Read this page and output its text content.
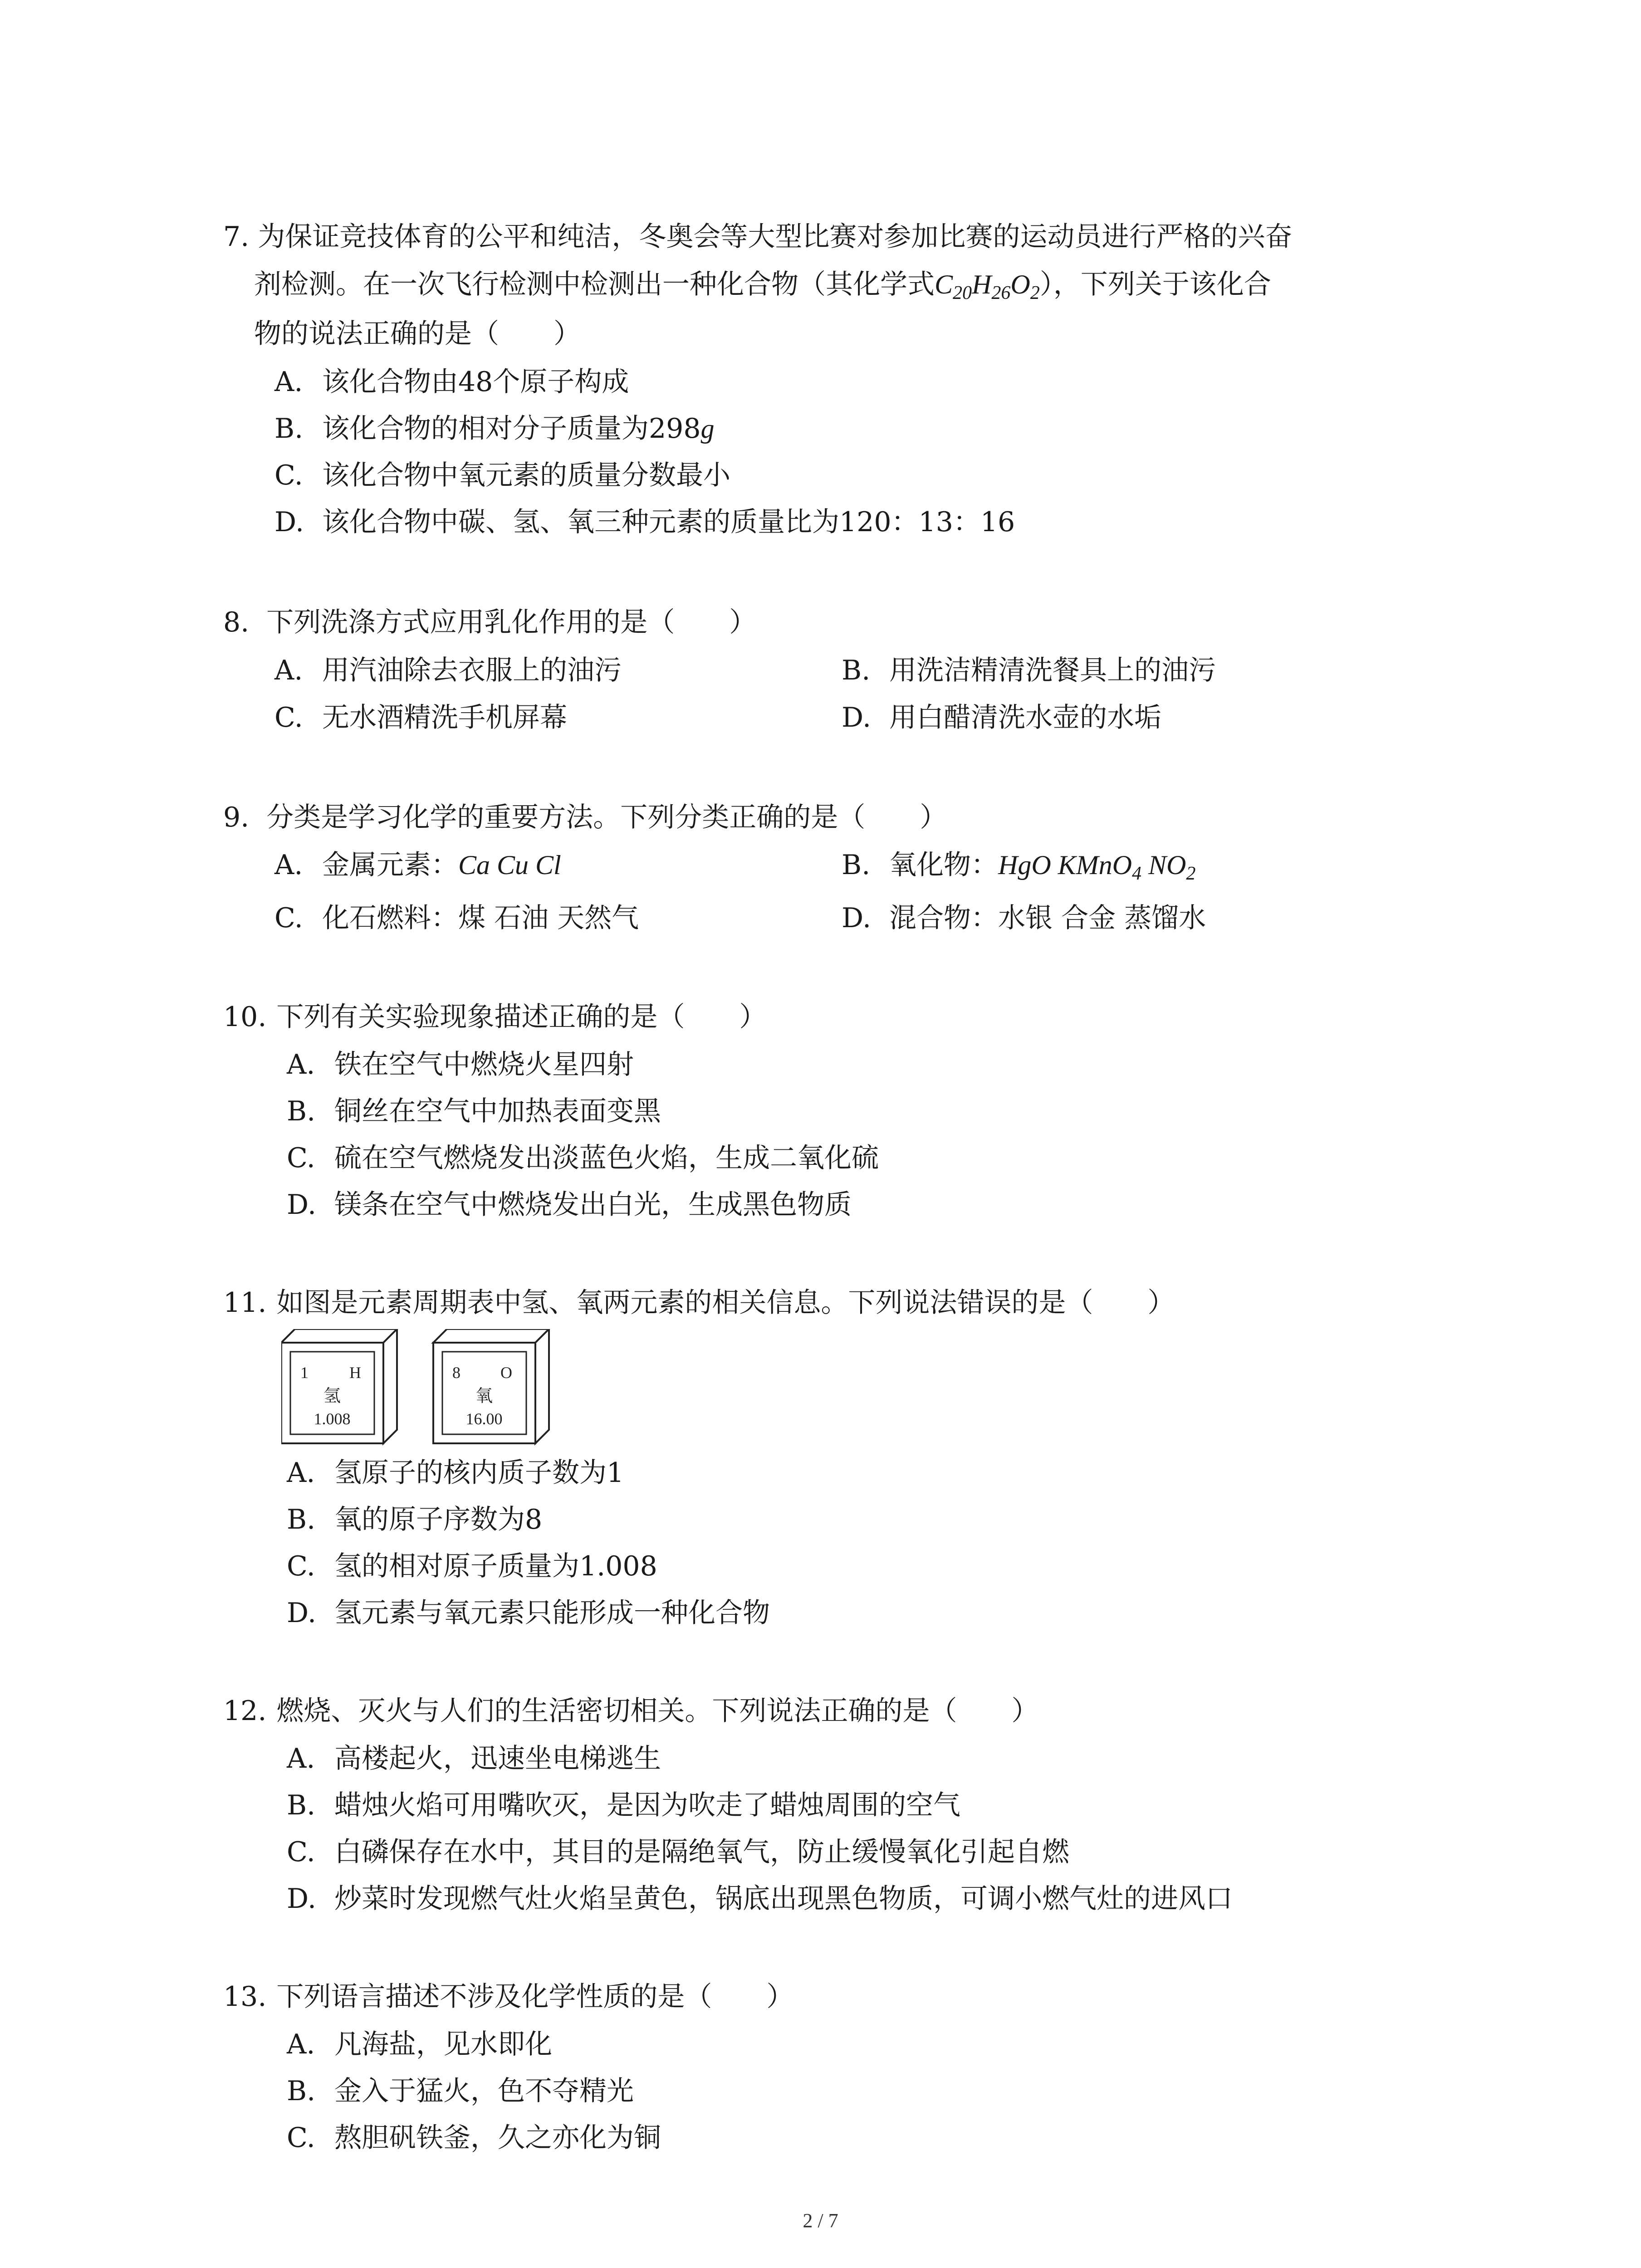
7. 为保证竞技体育的公平和纯洁，冬奥会等大型比赛对参加比赛的运动员进行严格的兴奋
剂检测。在一次飞行检测中检测出一种化合物（其化学式$C_{20}H_{26}O_2$），下列关于该化合
物的说法正确的是（　　）
A. 该化合物由48个原子构成
B. 该化合物的相对分子质量为298g
C. 该化合物中氧元素的质量分数最小
D. 该化合物中碳、氢、氧三种元素的质量比为120：13：16
8. 下列洗涤方式应用乳化作用的是（　　）
A. 用汽油除去衣服上的油污	B. 用洗洁精清洗餐具上的油污
C. 无水酒精洗手机屏幕	D. 用白醋清洗水壶的水垢
9. 分类是学习化学的重要方法。下列分类正确的是（　　）
A. 金属元素：Ca Cu Cl	B. 氧化物：HgO KMnO$_4$ $NO_2$
C. 化石燃料：煤 石油 天然气	D. 混合物：水银 合金 蒸馏水
10. 下列有关实验现象描述正确的是（　　）
A. 铁在空气中燃烧火星四射
B. 铜丝在空气中加热表面变黑
C. 硫在空气燃烧发出淡蓝色火焰，生成二氧化硫
D. 镁条在空气中燃烧发出白光，生成黑色物质
11. 如图是元素周期表中氢、氧两元素的相关信息。下列说法错误的是（　　）
1	H
氢
1.008
8 O
氧
16.00
A. 氢原子的核内质子数为1
B. 氧的原子序数为8
C. 氢的相对原子质量为1.008
D. 氢元素与氧元素只能形成一种化合物
12. 燃烧、灭火与人们的生活密切相关。下列说法正确的是（　　）
A. 高楼起火，迅速坐电梯逃生
B. 蜡烛火焰可用嘴吹灭，是因为吹走了蜡烛周围的空气
C. 白磷保存在水中，其目的是隔绝氧气，防止缓慢氧化引起自燃
D. 炒菜时发现燃气灶火焰呈黄色，锅底出现黑色物质，可调小燃气灶的进风口
13. 下列语言描述不涉及化学性质的是（　　）
A. 凡海盐，见水即化
B. 金入于猛火，色不夺精光
C. 熬胆矾铁釜，久之亦化为铜
2 / 7
